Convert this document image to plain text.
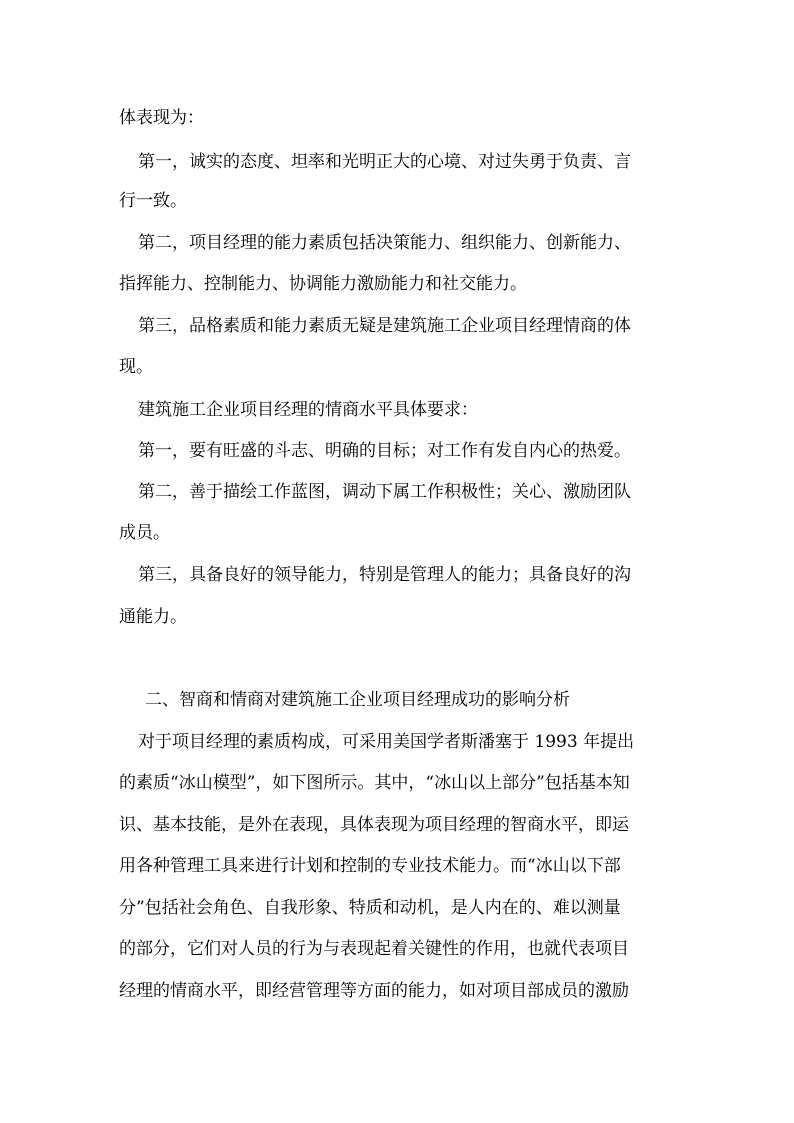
体表现为：
第一，诚实的态度、坦率和光明正大的心境、对过失勇于负责、言
行一致。
第二，项目经理的能力素质包括决策能力、组织能力、创新能力、
指挥能力、控制能力、协调能力激励能力和社交能力。
第三，品格素质和能力素质无疑是建筑施工企业项目经理情商的体
现。
建筑施工企业项目经理的情商水平具体要求：
第一，要有旺盛的斗志、明确的目标；对工作有发自内心的热爱。
第二，善于描绘工作蓝图，调动下属工作积极性；关心、激励团队
成员。
第三，具备良好的领导能力，特别是管理人的能力；具备良好的沟
通能力。
二、智商和情商对建筑施工企业项目经理成功的影响分析
对于项目经理的素质构成，可采用美国学者斯潘塞于 1993 年提出
的素质“冰山模型”，如下图所示。其中，“冰山以上部分”包括基本知
识、基本技能，是外在表现，具体表现为项目经理的智商水平，即运
用各种管理工具来进行计划和控制的专业技术能力。而“冰山以下部
分”包括社会角色、自我形象、特质和动机，是人内在的、难以测量
的部分，它们对人员的行为与表现起着关键性的作用，也就代表项目
经理的情商水平，即经营管理等方面的能力，如对项目部成员的激励
